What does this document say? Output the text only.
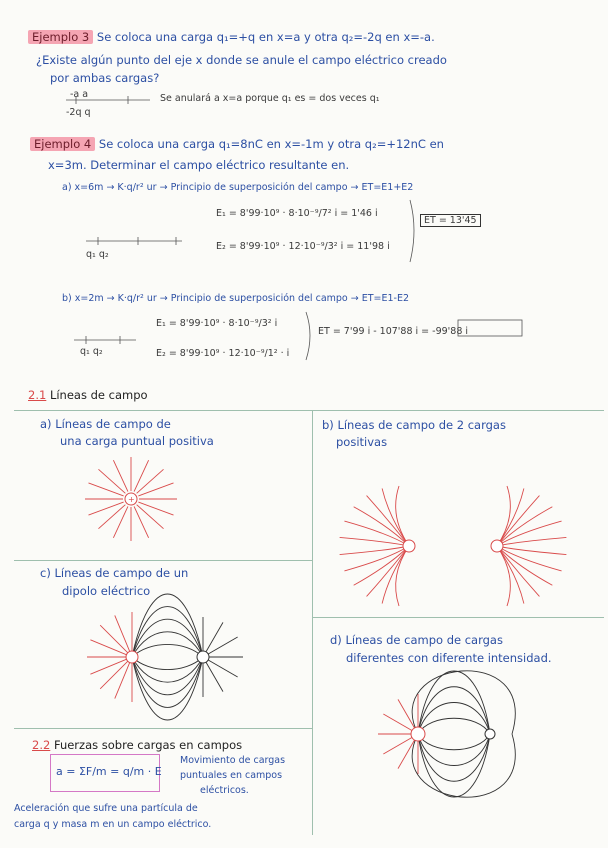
Ejemplo 3 Se coloca una carga q₁=+q en x=a y otra q₂=-2q en x=-a.
¿Existe algún punto del eje x donde se anule el campo eléctrico creado
por ambas cargas?
-a a
-2q q
Se anulará a x=a porque q₁ es = dos veces q₁
Ejemplo 4 Se coloca una carga q₁=8nC en x=-1m y otra q₂=+12nC en
x=3m. Determinar el campo eléctrico resultante en.
a) x=6m → K·q/r² ur → Principio de superposición del campo → ET=E1+E2
E₁ = 8'99·10⁹ · 8·10⁻⁹/7² i = 1'46 i
E₂ = 8'99·10⁹ · 12·10⁻⁹/3² i = 11'98 i
ET = 13'45
q₁ q₂
b) x=2m → K·q/r² ur → Principio de superposición del campo → ET=E1-E2
E₁ = 8'99·10⁹ · 8·10⁻⁹/3² i
E₂ = 8'99·10⁹ · 12·10⁻⁹/1² · i
ET = 7'99 i - 107'88 i = -99'88 i
q₁ q₂
2.1 Líneas de campo
a) Líneas de campo de
una carga puntual positiva
b) Líneas de campo de 2 cargas
positivas
c) Líneas de campo de un
dipolo eléctrico
d) Líneas de campo de cargas
diferentes con diferente intensidad.
2.2 Fuerzas sobre cargas en campos
a = ΣF/m = q/m · E
Movimiento de cargas
puntuales en campos
eléctricos.
Aceleración que sufre una partícula de
carga q y masa m en un campo eléctrico.
+
